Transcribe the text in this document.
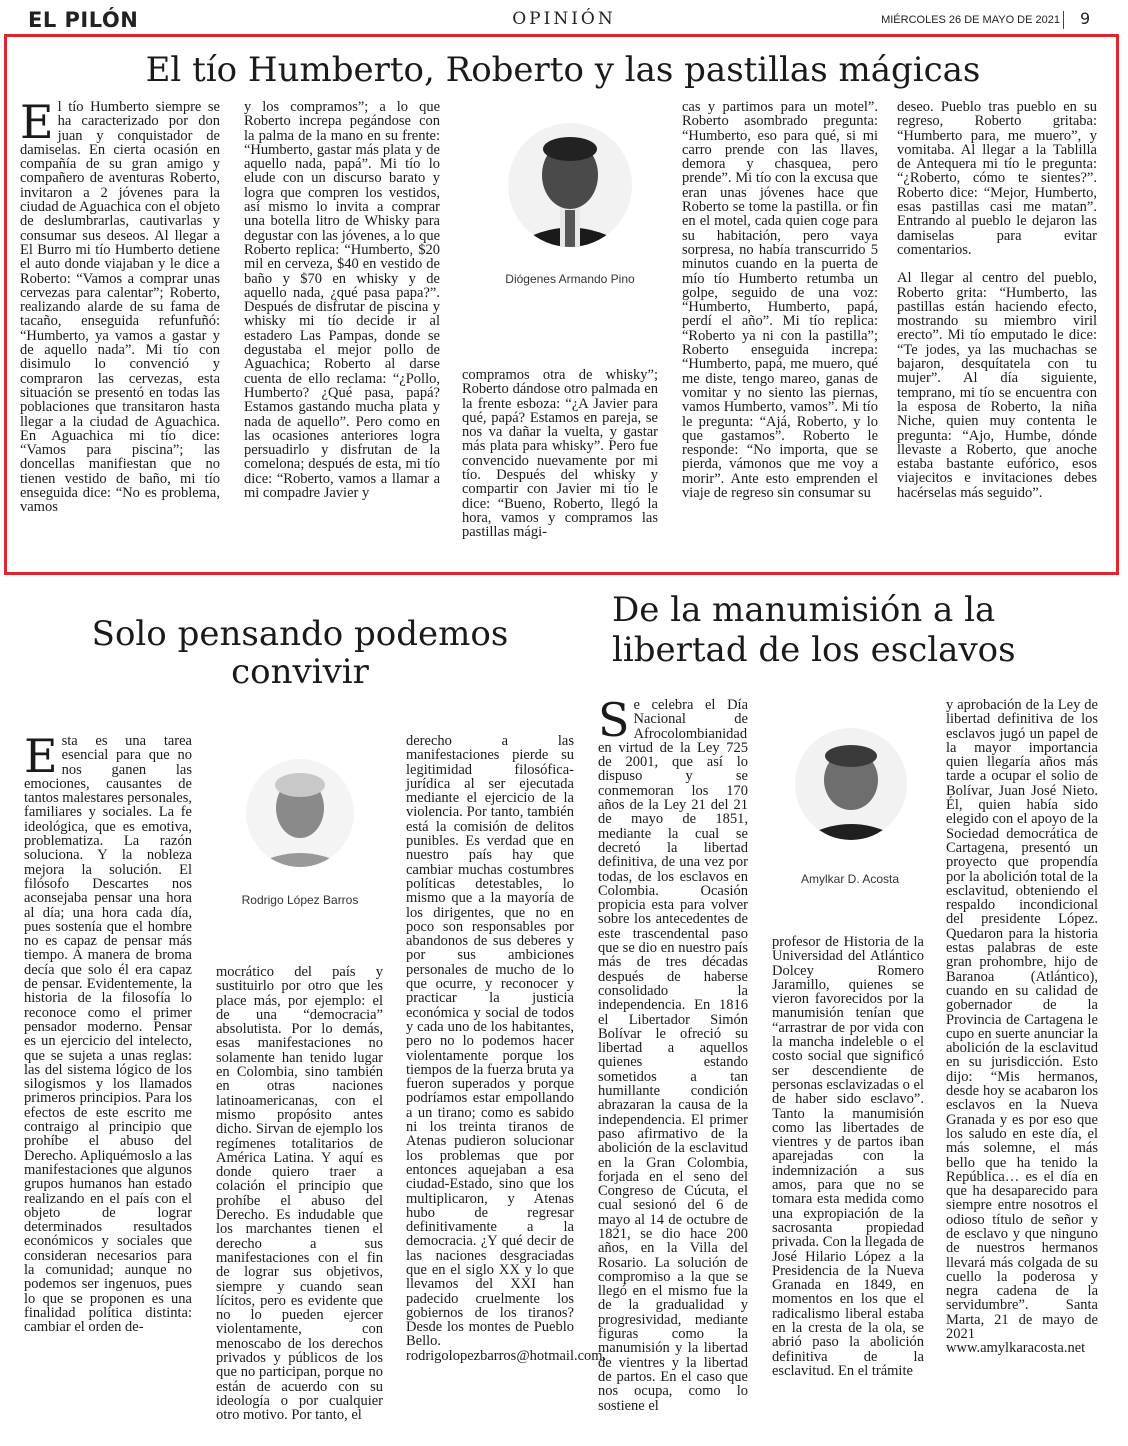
EL PILÓN	OPINIÓN	MIÉRCOLES 26 DE MAYO DE 2021 9
El tío Humberto, Roberto y las pastillas mágicas
E l tío Humberto siempre se ha caracterizado por don juan y conquistador de damiselas. En cierta ocasión en compañía de su gran amigo y compañero de aventuras Roberto, invitaron a 2 jóvenes para la ciudad de Aguachica con el objeto de deslumbrarlas, cautivarlas y consumar sus deseos. Al llegar a El Burro mi tío Humberto detiene el auto donde viajaban y le dice a Roberto: “Vamos a comprar unas cervezas para calentar”; Roberto, realizando alarde de su fama de tacaño, enseguida refunfuñó: “Humberto, ya vamos a gastar y de aquello nada”. Mi tío con disimulo lo convenció y compraron las cervezas, esta situación se presentó en todas las poblaciones que transitaron hasta llegar a la ciudad de Aguachica. En Aguachica mi tío dice: “Vamos para piscina”; las doncellas manifiestan que no tienen vestido de baño, mi tío enseguida dice: “No es problema, vamos

y los compramos”; a lo que Roberto increpa pegándose con la palma de la mano en su frente: “Humberto, gastar más plata y de aquello nada, papá”. Mi tío lo elude con un discurso barato y logra que compren los vestidos, así mismo lo invita a comprar una botella litro de Whisky para degustar con las jóvenes, a lo que Roberto replica: “Humberto, $20 mil en cerveza, $40 en vestido de baño y $70 en whisky y de aquello nada, ¿qué pasa papa?”. Después de disfrutar de piscina y whisky mi tío decide ir al estadero Las Pampas, donde se degustaba el mejor pollo de Aguachica; Roberto al darse cuenta de ello reclama: “¿Pollo, Humberto? ¿Qué pasa, papá? Estamos gastando mucha plata y nada de aquello”. Pero como en las ocasiones anteriores logra persuadirlo y disfrutan de la comelona; después de esta, mi tío dice: “Roberto, vamos a llamar a mi compadre Javier y

Diógenes Armando Pino

compramos otra de whisky”; Roberto dándose otro palmada en la frente esboza: “¿A Javier para qué, papá? Estamos en pareja, se nos va dañar la vuelta, y gastar más plata para whisky”. Pero fue convencido nuevamente por mi tío. Después del whisky y compartir con Javier mi tío le dice: “Bueno, Roberto, llegó la hora, vamos y compramos las pastillas mági-

cas y partimos para un motel”. Roberto asombrado pregunta: “Humberto, eso para qué, si mi carro prende con las llaves, demora y chasquea, pero prende”. Mi tío con la excusa que eran unas jóvenes hace que Roberto se tome la pastilla. or fin en el motel, cada quien coge para su habitación, pero vaya sorpresa, no había transcurrido 5 minutos cuando en la puerta de mío tío Humberto retumba un golpe, seguido de una voz: “Humberto, Humberto, papá, perdí el año”. Mi tío replica: “Roberto ya ni con la pastilla”; Roberto enseguida increpa: “Humberto, papá, me muero, qué me diste, tengo mareo, ganas de vomitar y no siento las piernas, vamos Humberto, vamos”. Mi tío le pregunta: “Ajá, Roberto, y lo que gastamos”. Roberto le responde: “No importa, que se pierda, vámonos que me voy a morir”. Ante esto emprenden el viaje de regreso sin consumar su

deseo. Pueblo tras pueblo en su regreso, Roberto gritaba: “Humberto para, me muero”, y vomitaba. Al llegar a la Tablilla de Antequera mi tío le pregunta: “¿Roberto, cómo te sientes?”. Roberto dice: “Mejor, Humberto, esas pastillas casi me matan”. Entrando al pueblo le dejaron las damiselas para evitar comentarios.

Al llegar al centro del pueblo, Roberto grita: “Humberto, las pastillas están haciendo efecto, mostrando su miembro viril erecto”. Mi tío emputado le dice: “Te jodes, ya las muchachas se bajaron, desquítatela con tu mujer”. Al día siguiente, temprano, mi tío se encuentra con la esposa de Roberto, la niña Niche, quien muy contenta le pregunta: “Ajo, Humbe, dónde llevaste a Roberto, que anoche estaba bastante eufórico, esos viajecitos e invitaciones debes hacérselas más seguido”.

Solo pensando podemos convivir
E sta es una tarea esencial para que no nos ganen las emociones, causantes de tantos malestares personales, familiares y sociales. La fe ideológica, que es emotiva, problematiza. La razón soluciona. Y la nobleza mejora la solución. El filósofo Descartes nos aconsejaba pensar una hora al día; una hora cada día, pues sostenía que el hombre no es capaz de pensar más tiempo. A manera de broma decía que solo él era capaz de pensar. Evidentemente, la historia de la filosofía lo reconoce como el primer pensador moderno. Pensar es un ejercicio del intelecto, que se sujeta a unas reglas: las del sistema lógico de los silogismos y los llamados primeros principios. Para los efectos de este escrito me contraigo al principio que prohíbe el abuso del Derecho. Apliquémoslo a las manifestaciones que algunos grupos humanos han estado realizando en el país con el objeto de lograr determinados resultados económicos y sociales que consideran necesarios para la comunidad; aunque no podemos ser ingenuos, pues lo que se proponen es una finalidad política distinta: cambiar el orden de-

Rodrigo López Barros

mocrático del país y sustituirlo por otro que les place más, por ejemplo: el de una “democracia” absolutista. Por lo demás, esas manifestaciones no solamente han tenido lugar en Colombia, sino también en otras naciones latinoamericanas, con el mismo propósito antes dicho. Sirvan de ejemplo los regímenes totalitarios de América Latina. Y aquí es donde quiero traer a colación el principio que prohíbe el abuso del Derecho. Es indudable que los marchantes tienen el derecho a sus manifestaciones con el fin de lograr sus objetivos, siempre y cuando sean lícitos, pero es evidente que no lo pueden ejercer violentamente, con menoscabo de los derechos privados y públicos de los que no participan, porque no están de acuerdo con su ideología o por cualquier otro motivo. Por tanto, el

derecho a las manifestaciones pierde su legitimidad filosófica-jurídica al ser ejecutada mediante el ejercicio de la violencia. Por tanto, también está la comisión de delitos punibles. Es verdad que en nuestro país hay que cambiar muchas costumbres políticas detestables, lo mismo que a la mayoría de los dirigentes, que no en poco son responsables por abandonos de sus deberes y por sus ambiciones personales de mucho de lo que ocurre, y reconocer y practicar la justicia económica y social de todos y cada uno de los habitantes, pero no lo podemos hacer violentamente porque los tiempos de la fuerza bruta ya fueron superados y porque podríamos estar empollando a un tirano; como es sabido ni los treinta tiranos de Atenas pudieron solucionar los problemas que por entonces aquejaban a esa ciudad-Estado, sino que los multiplicaron, y Atenas hubo de regresar definitivamente a la democracia. ¿Y qué decir de las naciones desgraciadas que en el siglo XX y lo que llevamos del XXI han padecido cruelmente los gobiernos de los tiranos? Desde los montes de Pueblo Bello. rodrigolopezbarros@hotmail.com.

De la manumisión a la libertad de los esclavos
S e celebra el Día Nacional de Afrocolombianidad en virtud de la Ley 725 de 2001, que así lo dispuso y se conmemoran los 170 años de la Ley 21 del 21 de mayo de 1851, mediante la cual se decretó la libertad definitiva, de una vez por todas, de los esclavos en Colombia. Ocasión propicia esta para volver sobre los antecedentes de este trascendental paso que se dio en nuestro país más de tres décadas después de haberse consolidado la independencia. En 1816 el Libertador Simón Bolívar le ofreció su libertad a aquellos quienes estando sometidos a tan humillante condición abrazaran la causa de la independencia. El primer paso afirmativo de la abolición de la esclavitud en la Gran Colombia, forjada en el seno del Congreso de Cúcuta, el cual sesionó del 6 de mayo al 14 de octubre de 1821, se dio hace 200 años, en la Villa del Rosario. La solución de compromiso a la que se llegó en el mismo fue la de la gradualidad y progresividad, mediante figuras como la manumisión y la libertad de vientres y la libertad de partos. En el caso que nos ocupa, como lo sostiene el

Amylkar D. Acosta

profesor de Historia de la Universidad del Atlántico Dolcey Romero Jaramillo, quienes se vieron favorecidos por la manumisión tenían que “arrastrar de por vida con la mancha indeleble o el costo social que significó ser descendiente de personas esclavizadas o el de haber sido esclavo”. Tanto la manumisión como las libertades de vientres y de partos iban aparejadas con la indemnización a sus amos, para que no se tomara esta medida como una expropiación de la sacrosanta propiedad privada. Con la llegada de José Hilario López a la Presidencia de la Nueva Granada en 1849, en momentos en los que el radicalismo liberal estaba en la cresta de la ola, se abrió paso la abolición definitiva de la esclavitud. En el trámite

y aprobación de la Ley de libertad definitiva de los esclavos jugó un papel de la mayor importancia quien llegaría años más tarde a ocupar el solio de Bolívar, Juan José Nieto. Él, quien había sido elegido con el apoyo de la Sociedad democrática de Cartagena, presentó un proyecto que propendía por la abolición total de la esclavitud, obteniendo el respaldo incondicional del presidente López. Quedaron para la historia estas palabras de este gran prohombre, hijo de Baranoa (Atlántico), cuando en su calidad de gobernador de la Provincia de Cartagena le cupo en suerte anunciar la abolición de la esclavitud en su jurisdicción. Esto dijo: “Mis hermanos, desde hoy se acabaron los esclavos en la Nueva Granada y es por eso que los saludo en este día, el más solemne, el más bello que ha tenido la República… es el día en que ha desaparecido para siempre entre nosotros el odioso título de señor y de esclavo y que ninguno de nuestros hermanos llevará más colgada de su cuello la poderosa y negra cadena de la servidumbre”. Santa Marta, 21 de mayo de 2021 www.amylkaracosta.net
